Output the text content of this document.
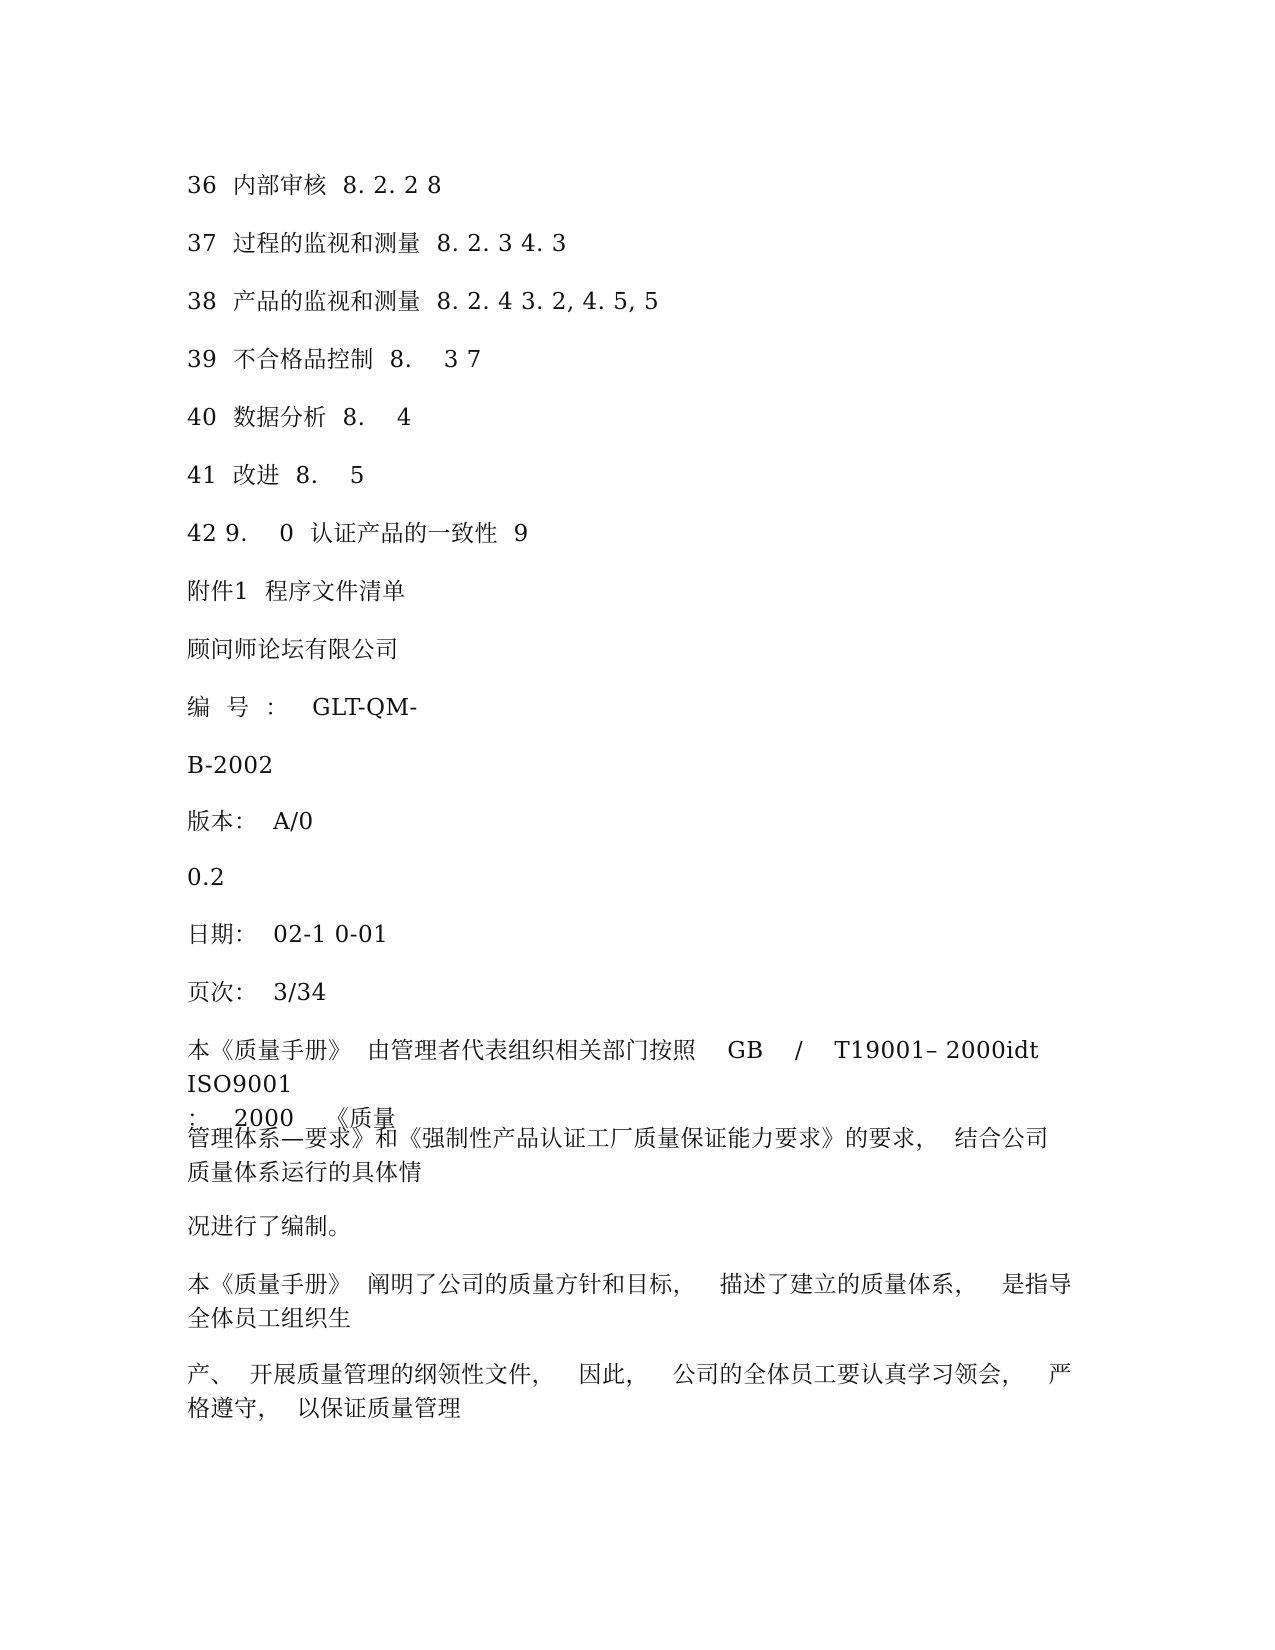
36  内部审核  8. 2. 2 8
37  过程的监视和测量  8. 2. 3 4. 3
38  产品的监视和测量  8. 2. 4 3. 2, 4. 5, 5
39  不合格品控制  8.    3 7
40  数据分析  8.    4
41  改进  8.    5
42 9.    0  认证产品的一致性  9
附件1  程序文件清单
顾问师论坛有限公司
编  号  ：   GLT-QM-
B-2002
版本：  A/0
0.2
日期：  02-1 0-01
页次：  3/34
本《质量手册》  由管理者代表组织相关部门按照    GB    /    T19001– 2000idt    ISO9001
：   2000    《质量
管理体系—要求》和《强制性产品认证工厂质量保证能力要求》的要求，  结合公司
质量体系运行的具体情
况进行了编制。
本《质量手册》  阐明了公司的质量方针和目标，   描述了建立的质量体系，   是指导
全体员工组织生
产、  开展质量管理的纲领性文件，   因此，   公司的全体员工要认真学习领会，   严
格遵守，  以保证质量管理
